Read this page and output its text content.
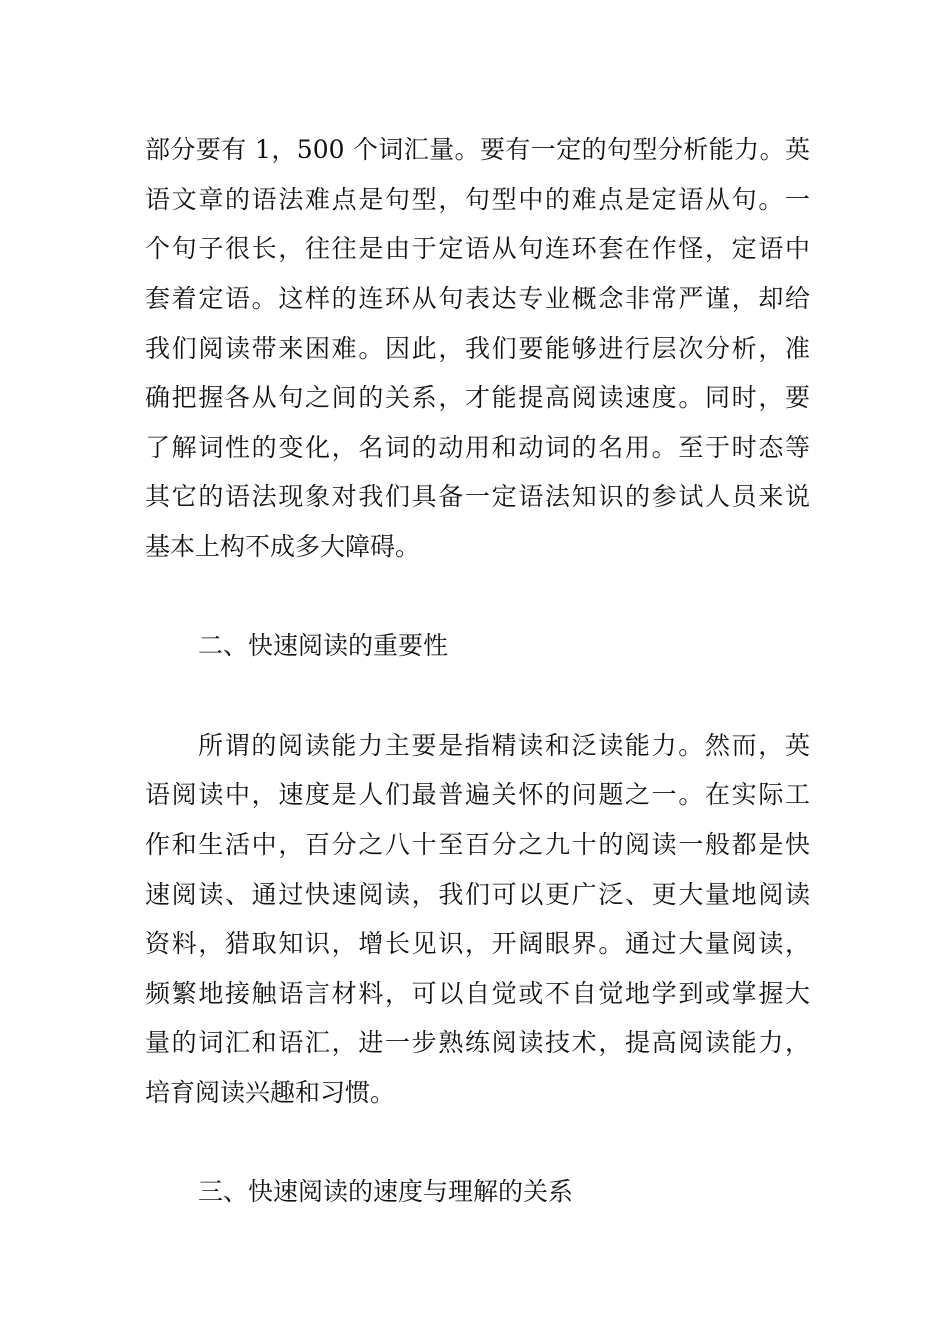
部分要有 1，500 个词汇量。要有一定的句型分析能力。英
语文章的语法难点是句型，句型中的难点是定语从句。一
个句子很长，往往是由于定语从句连环套在作怪，定语中
套着定语。这样的连环从句表达专业概念非常严谨，却给
我们阅读带来困难。因此，我们要能够进行层次分析，准
确把握各从句之间的关系，才能提高阅读速度。同时，要
了解词性的变化，名词的动用和动词的名用。至于时态等
其它的语法现象对我们具备一定语法知识的参试人员来说
基本上构不成多大障碍。
二、快速阅读的重要性
所谓的阅读能力主要是指精读和泛读能力。然而，英
语阅读中，速度是人们最普遍关怀的问题之一。在实际工
作和生活中，百分之八十至百分之九十的阅读一般都是快
速阅读、通过快速阅读，我们可以更广泛、更大量地阅读
资料，猎取知识，增长见识，开阔眼界。通过大量阅读，
频繁地接触语言材料，可以自觉或不自觉地学到或掌握大
量的词汇和语汇，进一步熟练阅读技术，提高阅读能力，
培育阅读兴趣和习惯。
三、快速阅读的速度与理解的关系
